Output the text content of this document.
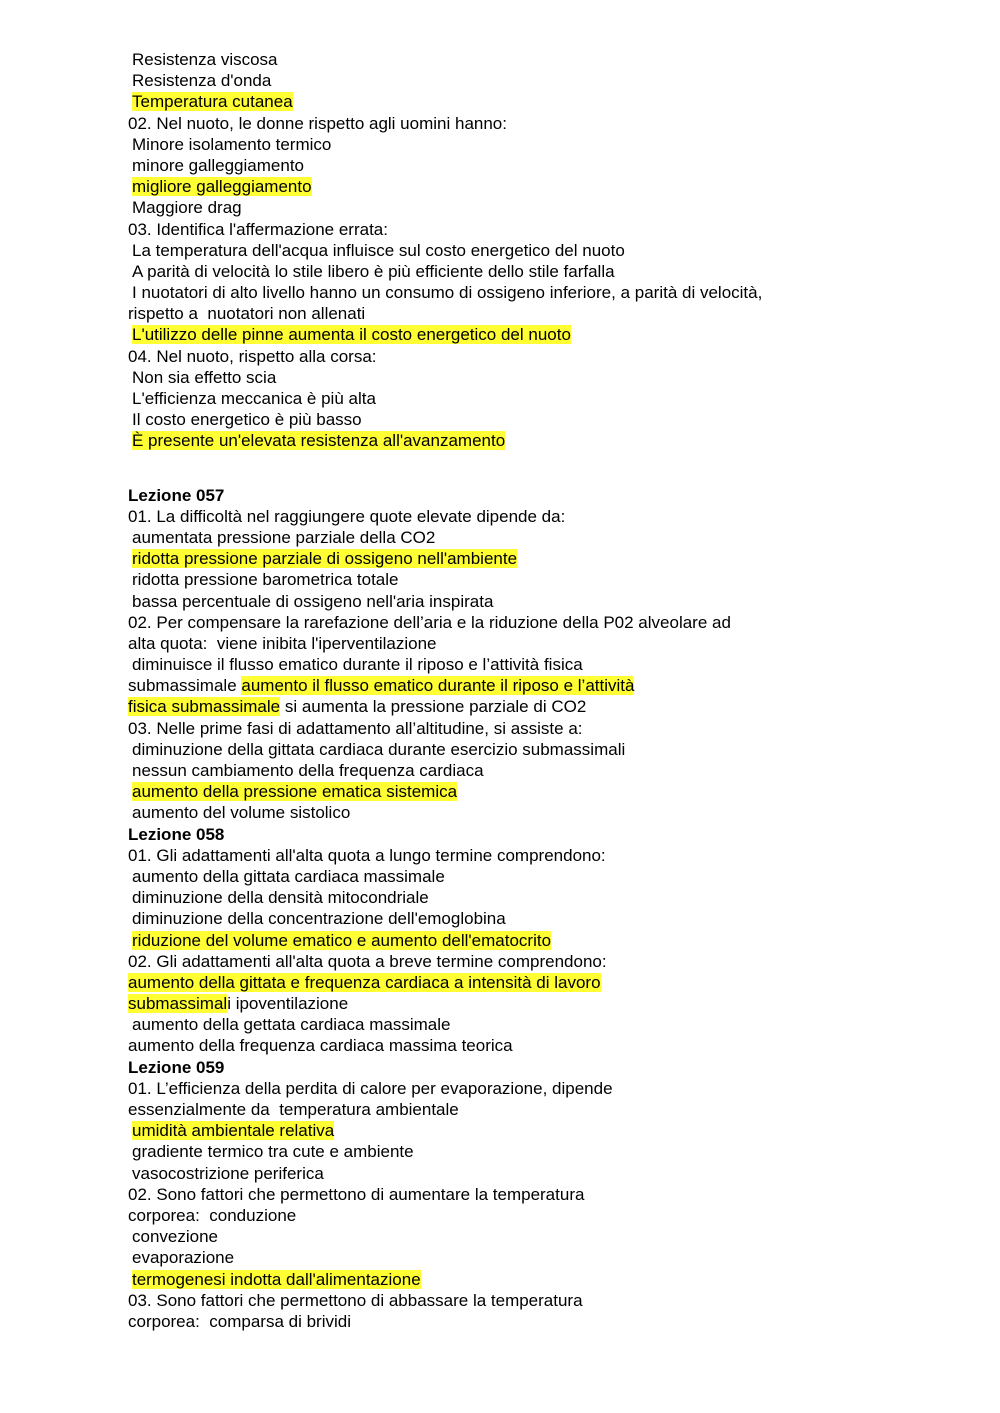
Resistenza viscosa
Resistenza d'onda
Temperatura cutanea
02. Nel nuoto, le donne rispetto agli uomini hanno:
Minore isolamento termico
minore galleggiamento
migliore galleggiamento
Maggiore drag
03. Identifica l'affermazione errata:
La temperatura dell'acqua influisce sul costo energetico del nuoto
A parità di velocità lo stile libero è più efficiente dello stile farfalla
I nuotatori di alto livello hanno un consumo di ossigeno inferiore, a parità di velocità,
rispetto a  nuotatori non allenati
L'utilizzo delle pinne aumenta il costo energetico del nuoto
04. Nel nuoto, rispetto alla corsa:
Non sia effetto scia
L'efficienza meccanica è più alta
Il costo energetico è più basso
È presente un'elevata resistenza all'avanzamento
Lezione 057
01. La difficoltà nel raggiungere quote elevate dipende da:
aumentata pressione parziale della CO2
ridotta pressione parziale di ossigeno nell'ambiente
ridotta pressione barometrica totale
bassa percentuale di ossigeno nell'aria inspirata
02. Per compensare la rarefazione dell’aria e la riduzione della P02 alveolare ad
alta quota:  viene inibita l'iperventilazione
diminuisce il flusso ematico durante il riposo e l’attività fisica
submassimale aumento il flusso ematico durante il riposo e l’attività
fisica submassimale si aumenta la pressione parziale di CO2
03. Nelle prime fasi di adattamento all’altitudine, si assiste a:
diminuzione della gittata cardiaca durante esercizio submassimali
nessun cambiamento della frequenza cardiaca
aumento della pressione ematica sistemica
aumento del volume sistolico
Lezione 058
01. Gli adattamenti all'alta quota a lungo termine comprendono:
aumento della gittata cardiaca massimale
diminuzione della densità mitocondriale
diminuzione della concentrazione dell'emoglobina
riduzione del volume ematico e aumento dell'ematocrito
02. Gli adattamenti all'alta quota a breve termine comprendono:
aumento della gittata e frequenza cardiaca a intensità di lavoro
submassimali ipoventilazione
aumento della gettata cardiaca massimale
aumento della frequenza cardiaca massima teorica
Lezione 059
01. L’efficienza della perdita di calore per evaporazione, dipende
essenzialmente da  temperatura ambientale
umidità ambientale relativa
gradiente termico tra cute e ambiente
vasocostrizione periferica
02. Sono fattori che permettono di aumentare la temperatura
corporea:  conduzione
convezione
evaporazione
termogenesi indotta dall'alimentazione
03. Sono fattori che permettono di abbassare la temperatura
corporea:  comparsa di brividi
